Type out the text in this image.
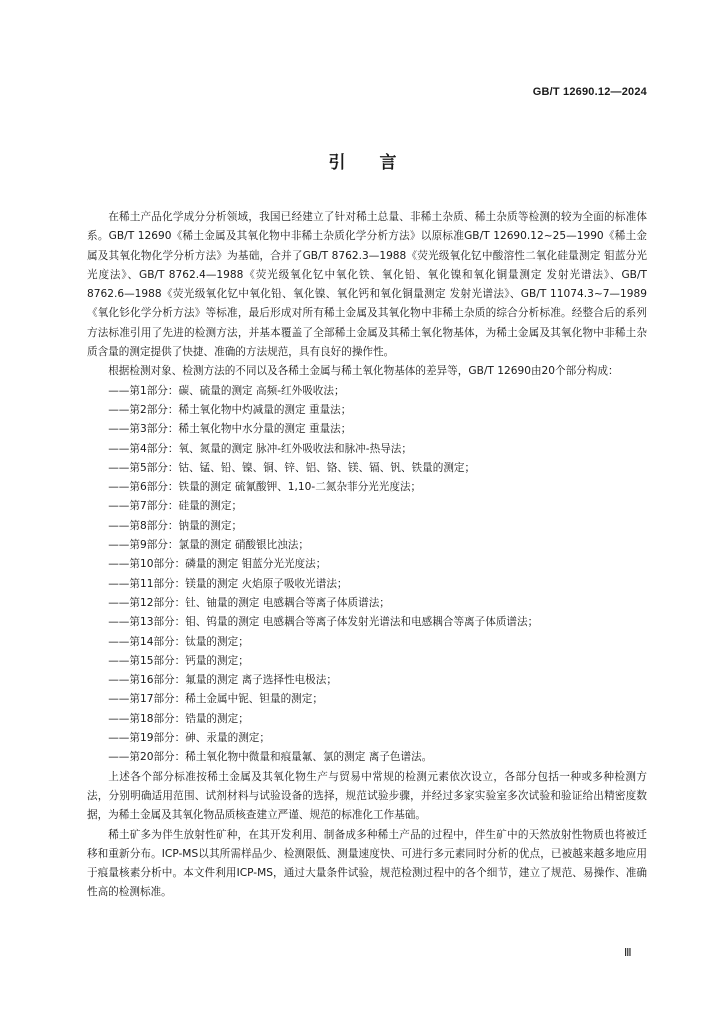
GB/T 12690.12—2024
引言

在稀土产品化学成分分析领域，我国已经建立了针对稀土总量、非稀土杂质、稀土杂质等检测的较为全面的标准体系。GB/T 12690《稀土金属及其氧化物中非稀土杂质化学分析方法》以原标准GB/T 12690.12~25—1990《稀土金属及其氧化物化学分析方法》为基础，合并了GB/T 8762.3—1988《荧光级氧化钇中酸溶性二氧化硅量测定 钼蓝分光光度法》、GB/T 8762.4—1988《荧光级氧化钇中氧化铁、氧化铅、氧化镍和氧化铜量测定 发射光谱法》、GB/T 8762.6—1988《荧光级氧化钇中氧化铅、氧化镍、氧化钙和氧化铜量测定 发射光谱法》、GB/T 11074.3~7—1989《氧化钐化学分析方法》等标准，最后形成对所有稀土金属及其氧化物中非稀土杂质的综合分析标准。经整合后的系列方法标准引用了先进的检测方法，并基本覆盖了全部稀土金属及其稀土氧化物基体，为稀土金属及其氧化物中非稀土杂质含量的测定提供了快捷、准确的方法规范，具有良好的操作性。

根据检测对象、检测方法的不同以及各稀土金属与稀土氧化物基体的差异等，GB/T 12690由20个部分构成：

——第1部分：碳、硫量的测定 高频-红外吸收法；
——第2部分：稀土氧化物中灼减量的测定 重量法；
——第3部分：稀土氧化物中水分量的测定 重量法；
——第4部分：氧、氮量的测定 脉冲-红外吸收法和脉冲-热导法；
——第5部分：钴、锰、铅、镍、铜、锌、铝、铬、镁、镉、钒、铁量的测定；
——第6部分：铁量的测定 硫氰酸钾、1,10-二氮杂菲分光光度法；
——第7部分：硅量的测定；
——第8部分：钠量的测定；
——第9部分：氯量的测定 硝酸银比浊法；
——第10部分：磷量的测定 钼蓝分光光度法；
——第11部分：镁量的测定 火焰原子吸收光谱法；
——第12部分：钍、铀量的测定 电感耦合等离子体质谱法；
——第13部分：钼、钨量的测定 电感耦合等离子体发射光谱法和电感耦合等离子体质谱法；
——第14部分：钛量的测定；
——第15部分：钙量的测定；
——第16部分：氟量的测定 离子选择性电极法；
——第17部分：稀土金属中铌、钽量的测定；
——第18部分：锆量的测定；
——第19部分：砷、汞量的测定；
——第20部分：稀土氧化物中微量和痕量氟、氯的测定 离子色谱法。

上述各个部分标准按稀土金属及其氧化物生产与贸易中常规的检测元素依次设立，各部分包括一种或多种检测方法，分别明确适用范围、试剂材料与试验设备的选择，规范试验步骤，并经过多家实验室多次试验和验证给出精密度数据，为稀土金属及其氧化物品质核查建立严谨、规范的标准化工作基础。

稀土矿多为伴生放射性矿种，在其开发利用、制备成多种稀土产品的过程中，伴生矿中的天然放射性物质也将被迁移和重新分布。ICP-MS以其所需样品少、检测限低、测量速度快、可进行多元素同时分析的优点，已被越来越多地应用于痕量核素分析中。本文件利用ICP-MS，通过大量条件试验，规范检测过程中的各个细节，建立了规范、易操作、准确性高的检测标准。

Ⅲ
